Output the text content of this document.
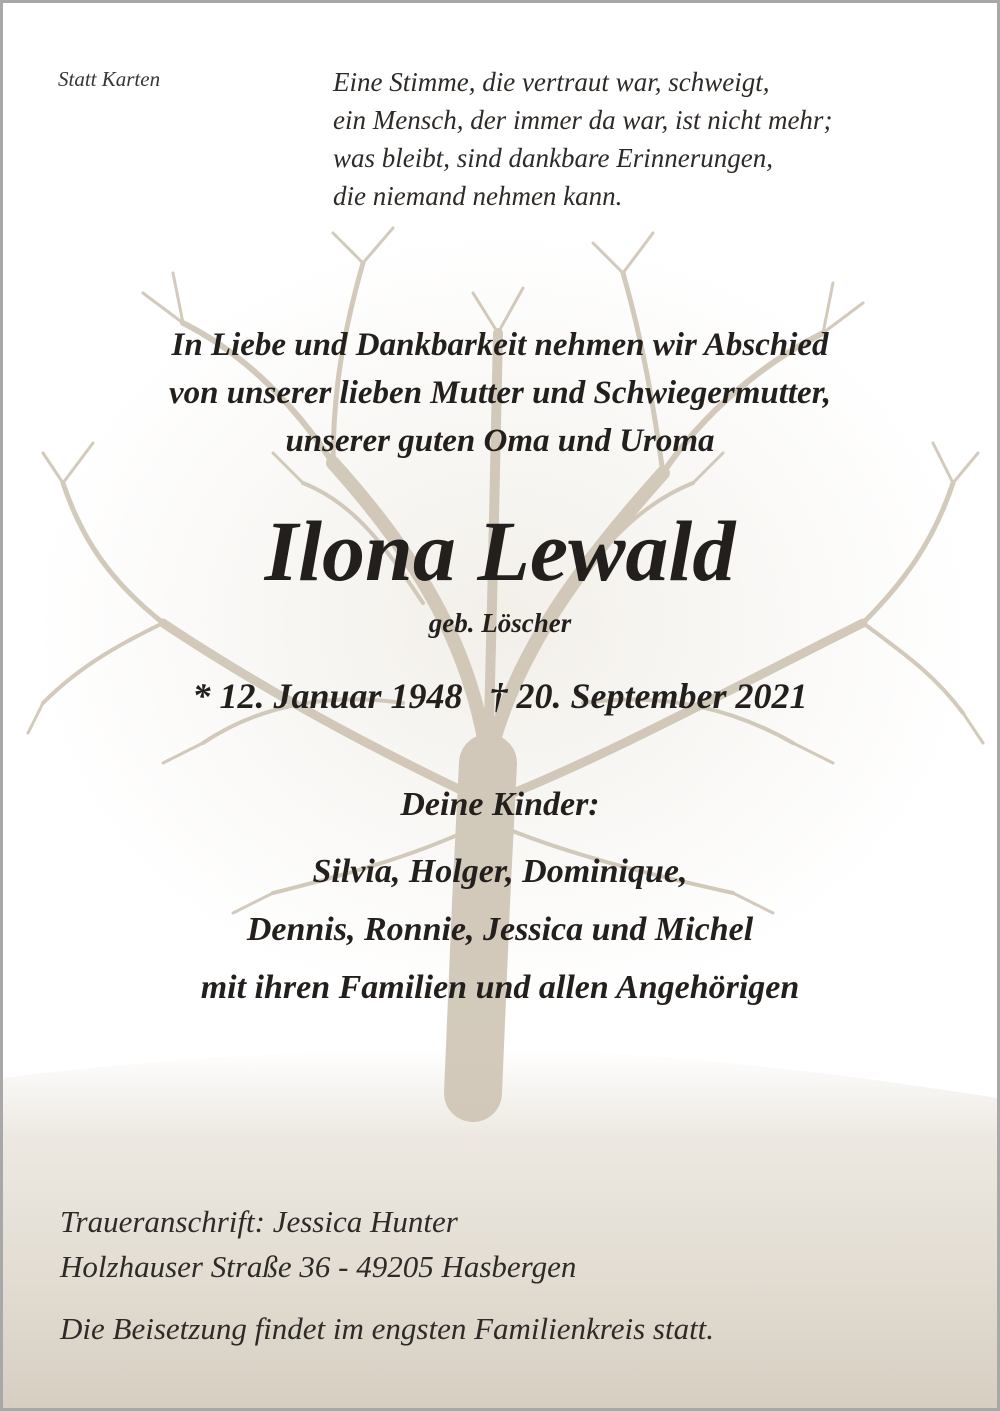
Statt Karten	Eine Stimme, die vertraut war, schweigt,
ein Mensch, der immer da war, ist nicht mehr;
was bleibt, sind dankbare Erinnerungen,
die niemand nehmen kann.
In Liebe und Dankbarkeit nehmen wir Abschied
von unserer lieben Mutter und Schwiegermutter,
unserer guten Oma und Uroma
Ilona Lewald
geb. Löscher
* 12. Januar 1948   † 20. September 2021
Deine Kinder:
Silvia, Holger, Dominique,
Dennis, Ronnie, Jessica und Michel
mit ihren Familien und allen Angehörigen
Traueranschrift: Jessica Hunter
Holzhauser Straße 36 - 49205 Hasbergen
Die Beisetzung findet im engsten Familienkreis statt.
